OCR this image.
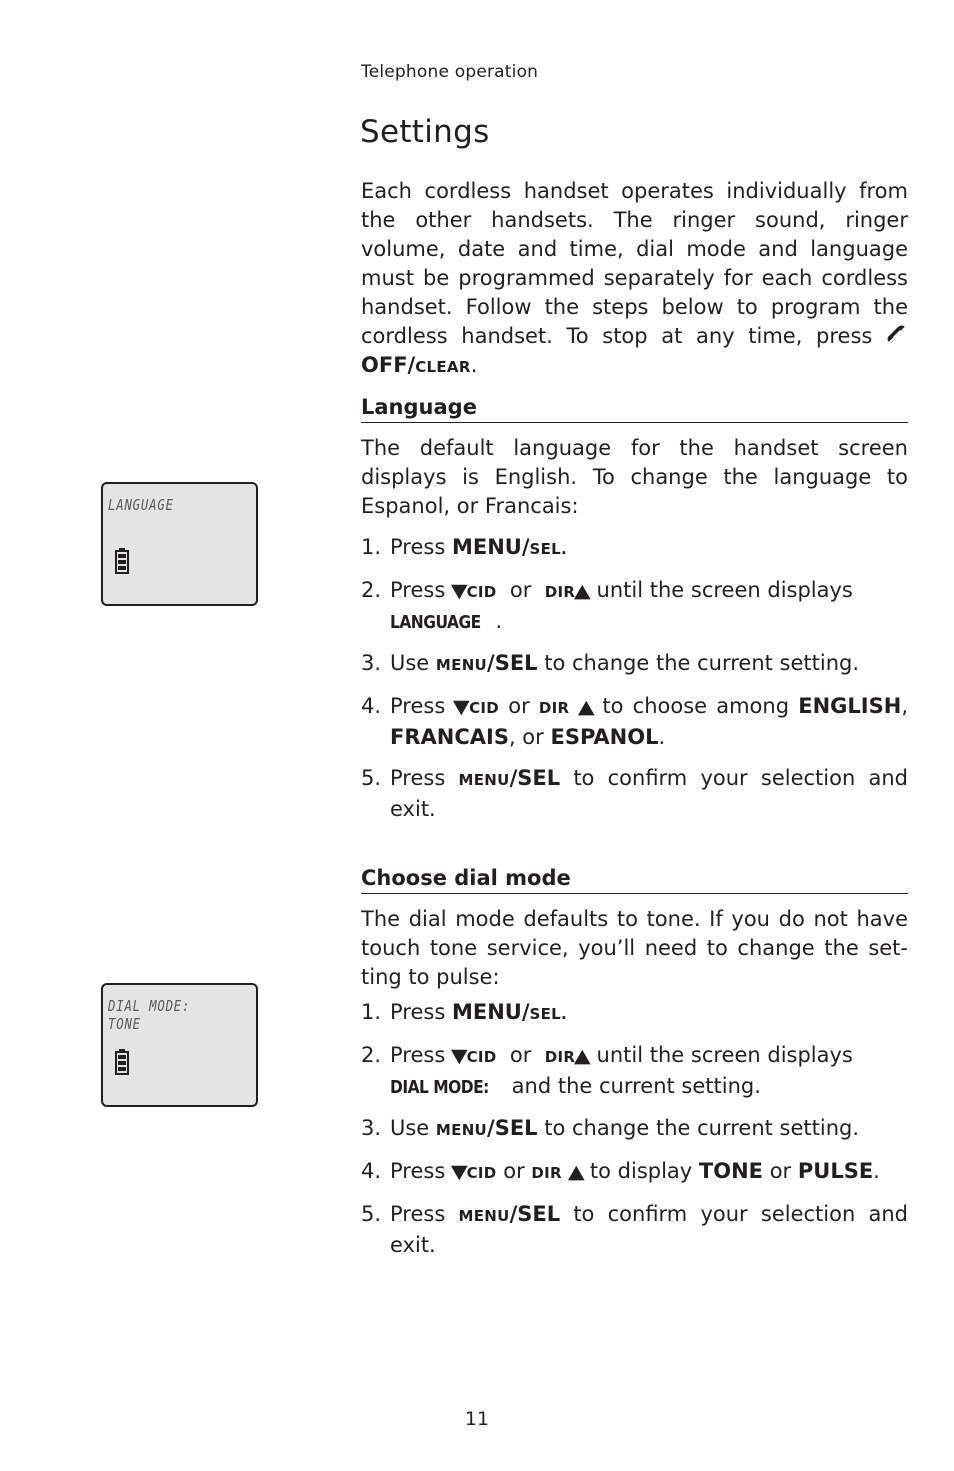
Telephone operation
Settings

Each cordless handset operates individually from the other handsets. The ringer sound, ringer volume, date and time, dial mode and language must be programmed separately for each cordless handset. Follow the steps below to program the cordless handset. To stop at any time, press OFF/CLEAR.

Language
LANGUAGE

The default language for the handset screen displays is English. To change the language to Espanol, or Francais:

1. Press MENU/SEL.
2. Press ▼CID or DIR▲ until the screen displays
LANGUAGE .
3. Use MENU/SEL to change the current setting.
4. Press ▼CID or DIR ▲ to choose among ENGLISH, FRANCAIS, or ESPANOL.
5. Press MENU/SEL to confirm your selection and exit.
Choose dial mode
DIAL MODE: TONE

The dial mode defaults to tone. If you do not have touch tone service, you’ll need to change the set-ting to pulse:

1. Press MENU/SEL.
2. Press ▼CID or DIR▲ until the screen displays
DIAL MODE: and the current setting.
3. Use MENU/SEL to change the current setting.
4. Press ▼CID or DIR ▲ to display TONE or PULSE.
5. Press MENU/SEL to confirm your selection and exit.
11
